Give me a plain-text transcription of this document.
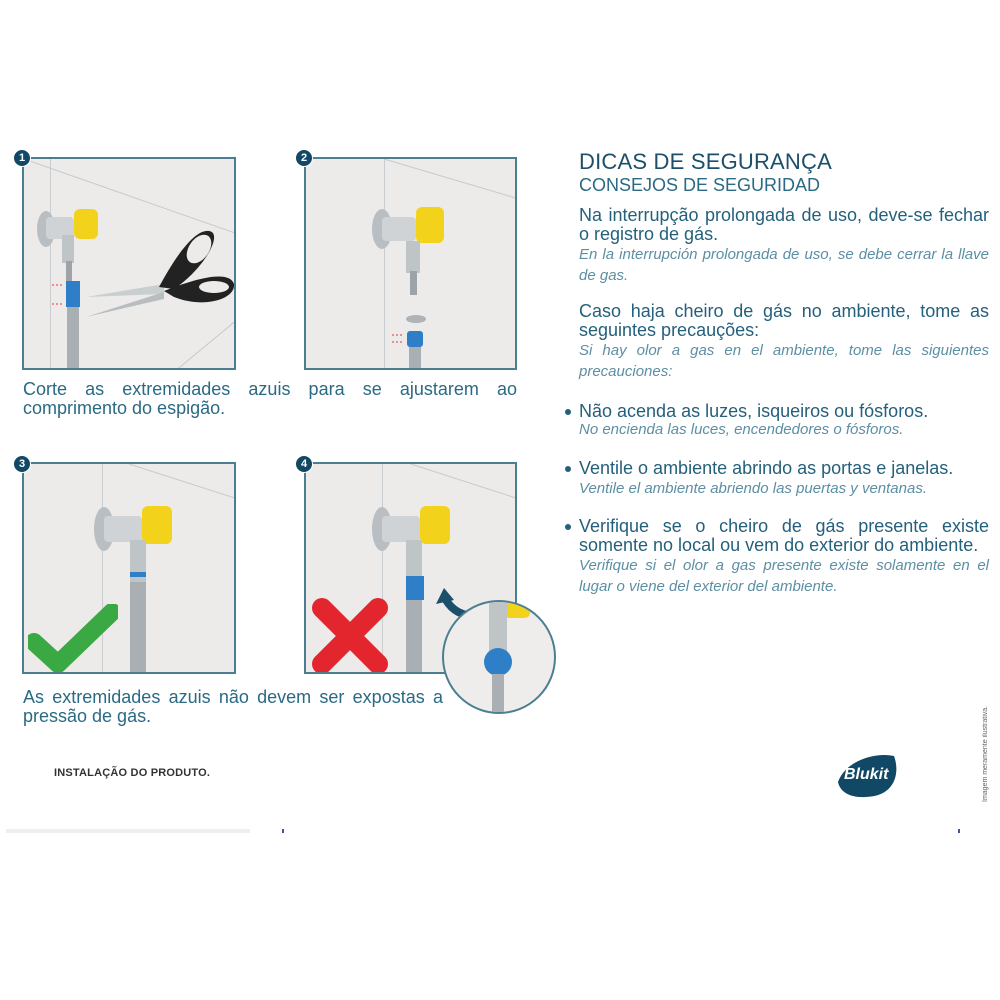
1	2
Corte as extremidades azuis para se ajustarem ao comprimento do espigão.
3	4
As extremidades azuis não devem ser expostas a pressão de gás.
DICAS DE SEGURANÇA
CONSEJOS DE SEGURIDAD
Na interrupção prolongada de uso, deve-se fechar o registro de gás.
En la interrupción prolongada de uso, se debe cerrar la llave de gas.
Caso haja cheiro de gás no ambiente, tome as seguintes precauções:
Si hay olor a gas en el ambiente, tome las siguientes precauciones:
Não acenda as luzes, isqueiros ou fósforos.
No encienda las luces, encendedores o fósforos.
Ventile o ambiente abrindo as portas e janelas.
Ventile el ambiente abriendo las puertas y ventanas.
Verifique se o cheiro de gás presente existe somente no local ou vem do exterior do ambiente.
Verifique si el olor a gas presente existe solamente en el lugar o viene del exterior del ambiente.
INSTALAÇÃO DO PRODUTO.	Blukit	Imagem meramente ilustrativa.
